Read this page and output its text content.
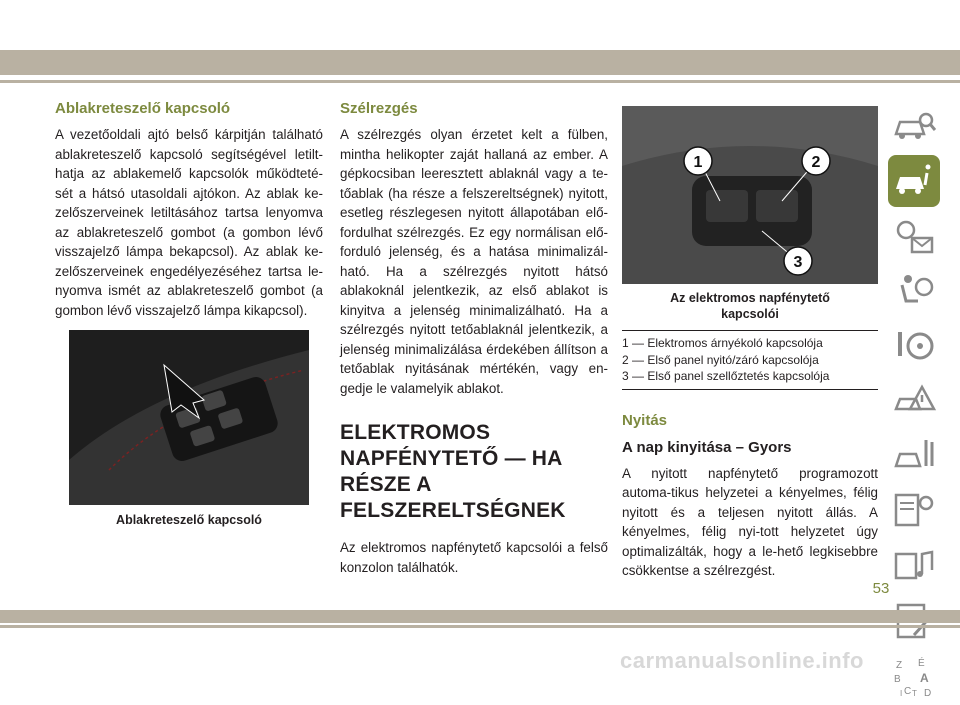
Ablakreteszelő kapcsoló
A vezetőoldali ajtó belső kárpitján található ablakreteszelő kapcsoló segítségével letilt-hatja az ablakemelő kapcsolók működteté-sét a hátsó utasoldali ajtókon. Az ablak ke-zelőszerveinek letiltásához tartsa lenyomva az ablakreteszelő gombot (a gombon lévő visszajelző lámpa bekapcsol). Az ablak ke-zelőszerveinek engedélyezéséhez tartsa le-nyomva ismét az ablakreteszelő gombot (a gombon lévő visszajelző lámpa kikapcsol).
Ablakreteszelő kapcsoló
Szélrezgés
A szélrezgés olyan érzetet kelt a fülben, mintha helikopter zaját hallaná az ember. A gépkocsiban leeresztett ablaknál vagy a te-tőablak (ha része a felszereltségnek) nyitott, esetleg részlegesen nyitott állapotában elő-fordulhat szélrezgés. Ez egy normálisan elő-forduló jelenség, és a hatása minimalizál-ható. Ha a szélrezgés nyitott hátsó ablakoknál jelentkezik, az első ablakot is kinyitva a jelenség minimalizálható. Ha a szélrezgés nyitott tetőablaknál jelentkezik, a jelenség minimalizálása érdekében állítson a tetőablak nyitásának mértékén, vagy en-gedje le valamelyik ablakot.
ELEKTROMOS
NAPFÉNYTETŐ — HA
RÉSZE A
FELSZERELTSÉGNEK
Az elektromos napfénytető kapcsolói a felső konzolon találhatók.
1	2
3
Az elektromos napfénytető
kapcsolói
1 — Elektromos árnyékoló kapcsolója
2 — Első panel nyitó/záró kapcsolója
3 — Első panel szellőztetés kapcsolója
Nyitás
A nap kinyitása – Gyors
A nyitott napfénytető programozott automa-tikus helyzetei a kényelmes, félig nyitott és a teljesen nyitott állás. A kényelmes, félig nyi-tott helyzetet úgy optimalizálták, hogy a le-hető legkisebbre csökkentse a szélrezgést.
Z É
B A
C D
I T
53
carmanualsonline.info
